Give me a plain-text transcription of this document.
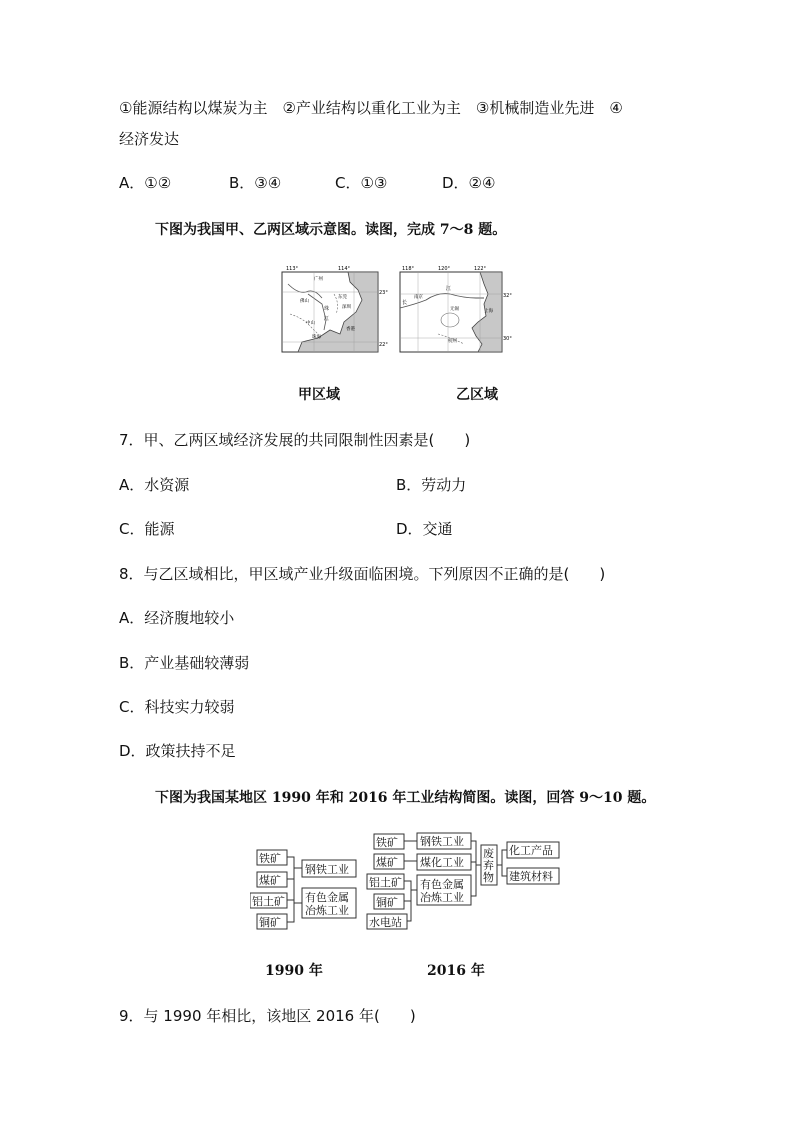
①能源结构以煤炭为主　②产业结构以重化工业为主　③机械制造业先进　④
经济发达
A．①②	B．③④	C．①③	D．②④
下图为我国甲、乙两区域示意图。读图，完成 7～8 题。
113°	114°
23°
22°
广州
珠
江
深圳
东莞
佛山
中山
珠海
香港
118°	120°	122°
32°
30°
长
南京
江
上海
无锡
杭州
甲区域	乙区域
7．甲、乙两区域经济发展的共同限制性因素是(　　)
A．水资源	B．劳动力
C．能源	D．交通
8．与乙区域相比，甲区域产业升级面临困境。下列原因不正确的是(　　)
A．经济腹地较小
B．产业基础较薄弱
C．科技实力较弱
D．政策扶持不足
下图为我国某地区 1990 年和 2016 年工业结构简图。读图，回答 9～10 题。
铁矿
煤矿
铝土矿
铜矿
钢铁工业
有色金属
冶炼工业
铁矿
煤矿
铝土矿
铜矿
水电站
钢铁工业
煤化工业
有色金属
冶炼工业
废
弃
物
化工产品
建筑材料
1990 年	2016 年
9．与 1990 年相比，该地区 2016 年(　　)
